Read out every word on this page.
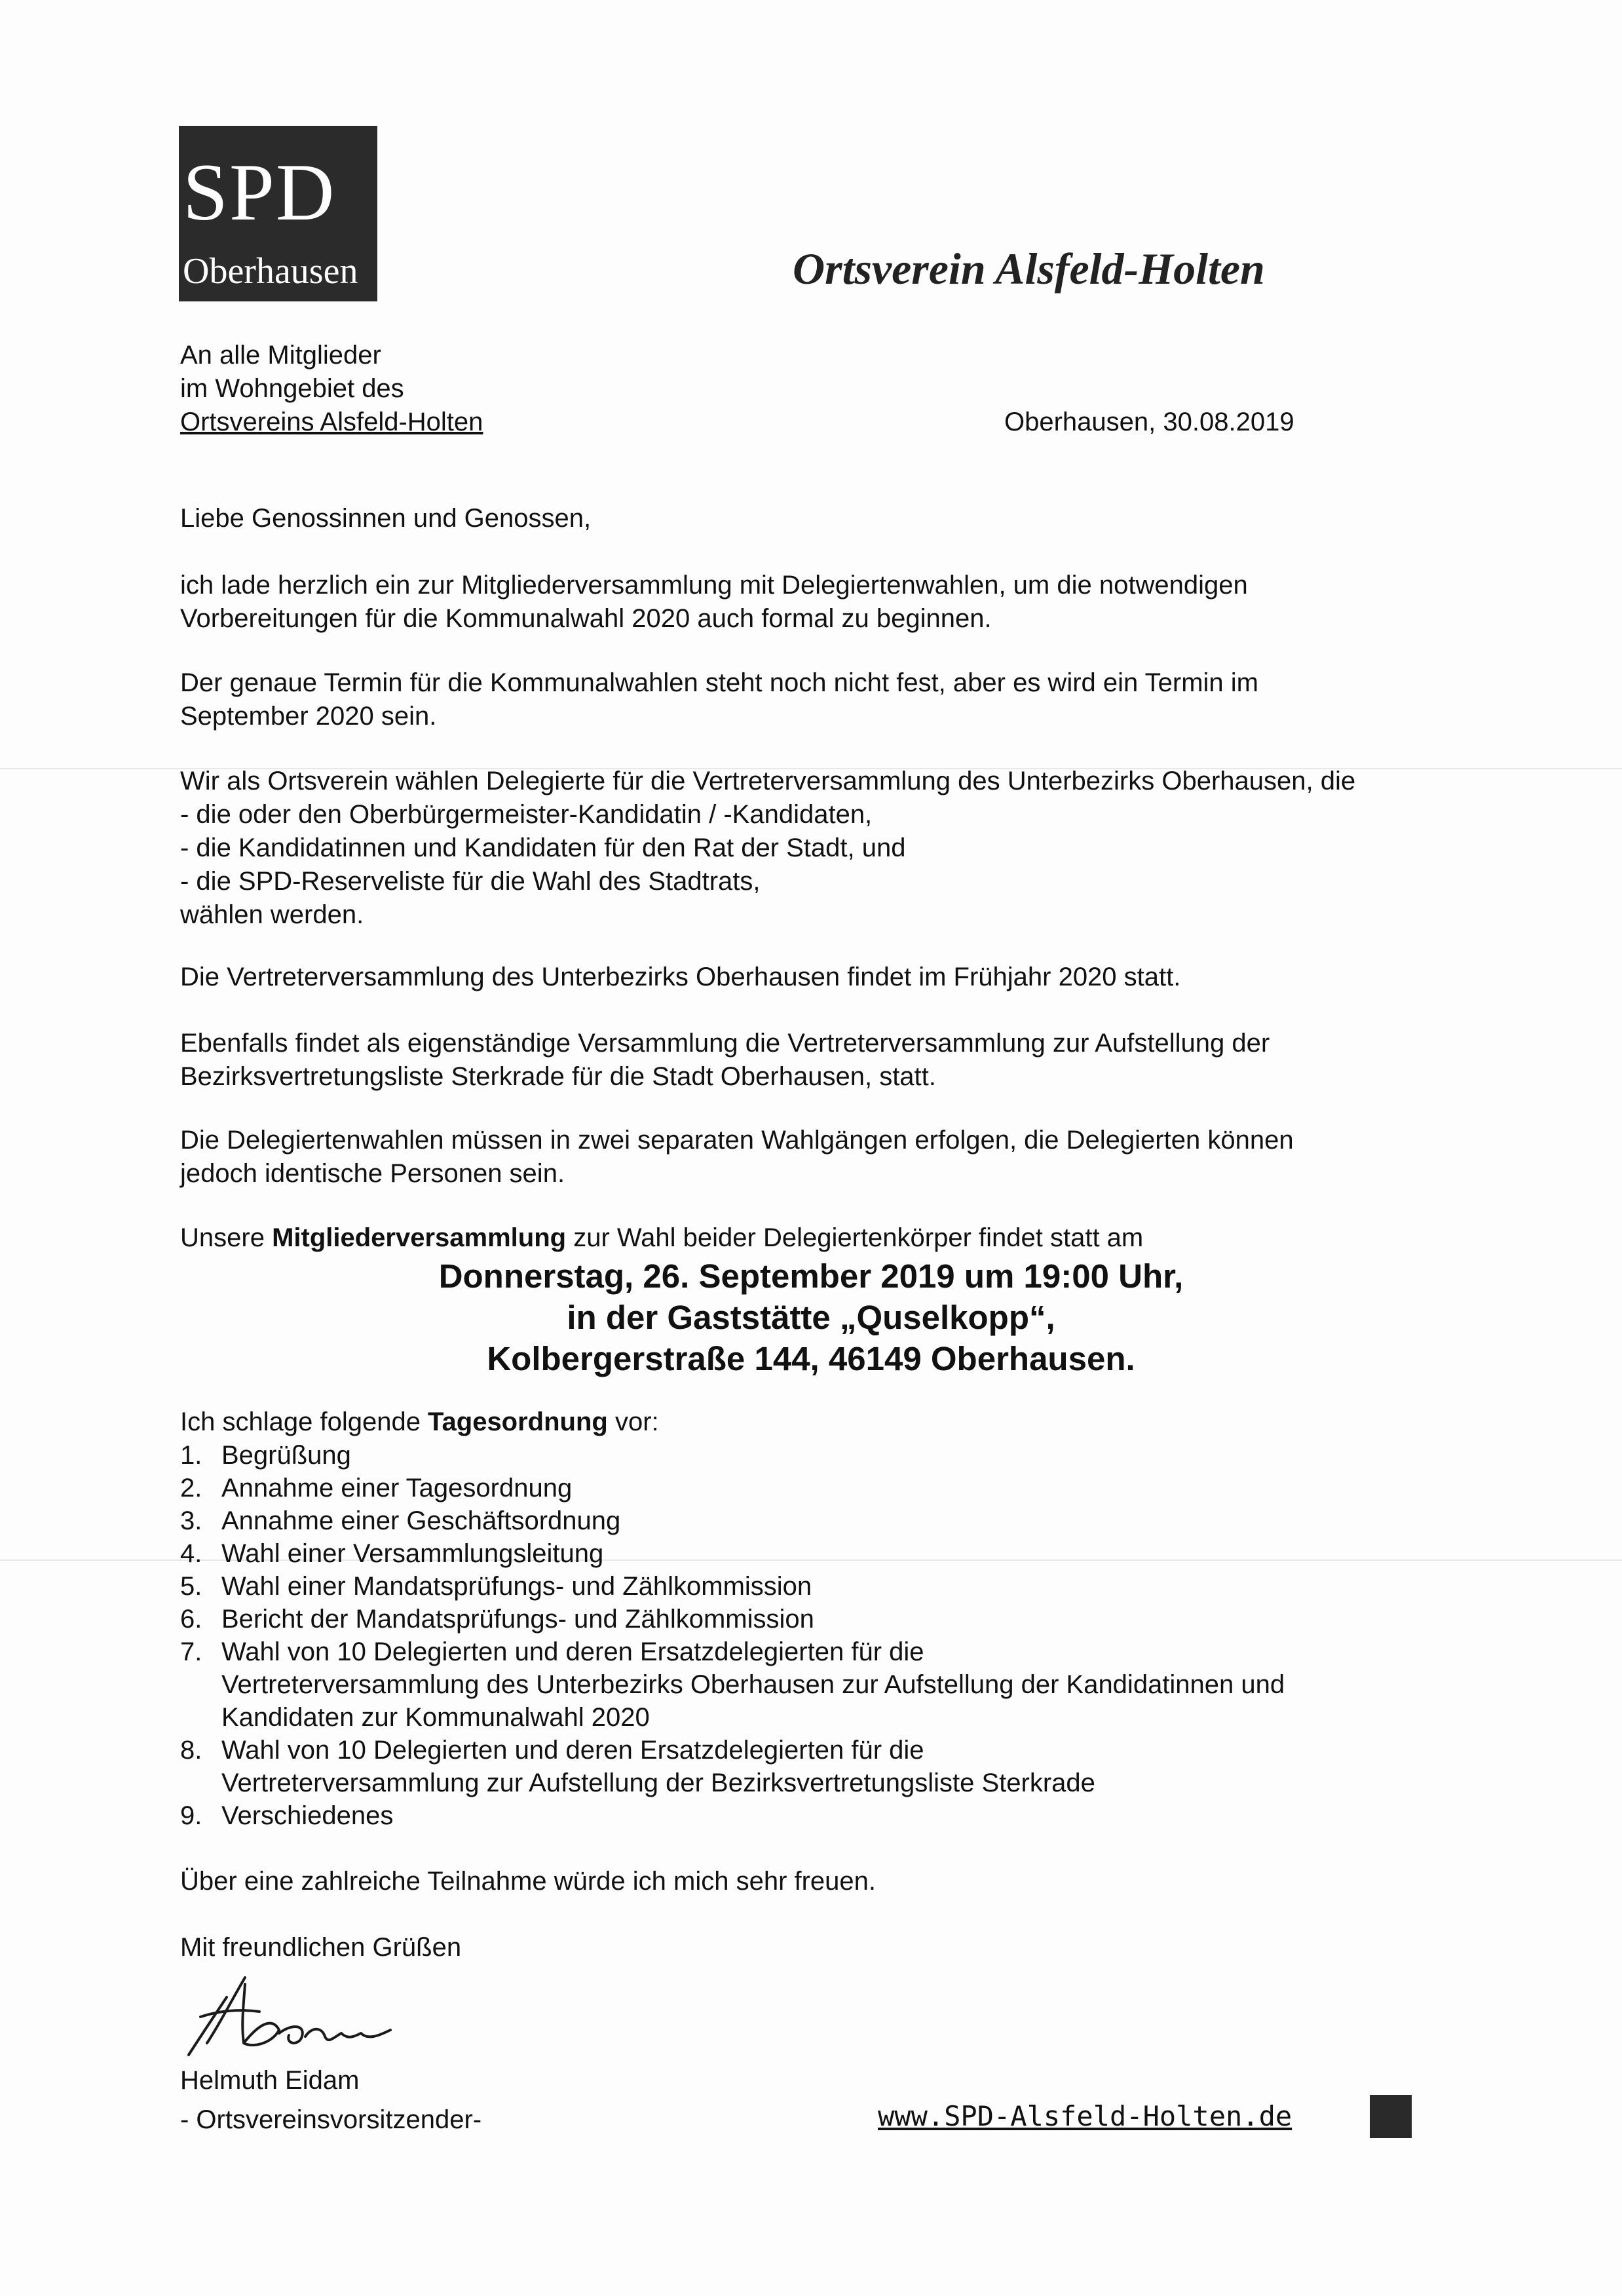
SPD
Oberhausen	Ortsverein Alsfeld-Holten
An alle Mitglieder
im Wohngebiet des
Ortsvereins Alsfeld-Holten	Oberhausen, 30.08.2019
Liebe Genossinnen und Genossen,
ich lade herzlich ein zur Mitgliederversammlung mit Delegiertenwahlen, um die notwendigen
Vorbereitungen für die Kommunalwahl 2020 auch formal zu beginnen.
Der genaue Termin für die Kommunalwahlen steht noch nicht fest, aber es wird ein Termin im
September 2020 sein.
Wir als Ortsverein wählen Delegierte für die Vertreterversammlung des Unterbezirks Oberhausen, die
- die oder den Oberbürgermeister-Kandidatin / -Kandidaten,
- die Kandidatinnen und Kandidaten für den Rat der Stadt, und
- die SPD-Reserveliste für die Wahl des Stadtrats,
wählen werden.
Die Vertreterversammlung des Unterbezirks Oberhausen findet im Frühjahr 2020 statt.
Ebenfalls findet als eigenständige Versammlung die Vertreterversammlung zur Aufstellung der
Bezirksvertretungsliste Sterkrade für die Stadt Oberhausen, statt.
Die Delegiertenwahlen müssen in zwei separaten Wahlgängen erfolgen, die Delegierten können
jedoch identische Personen sein.
Unsere Mitgliederversammlung zur Wahl beider Delegiertenkörper findet statt am
Donnerstag, 26. September 2019 um 19:00 Uhr,
in der Gaststätte „Quselkopp“,
Kolbergerstraße 144, 46149 Oberhausen.
Ich schlage folgende Tagesordnung vor:
1. Begrüßung
2. Annahme einer Tagesordnung
3. Annahme einer Geschäftsordnung
4. Wahl einer Versammlungsleitung
5. Wahl einer Mandatsprüfungs- und Zählkommission
6. Bericht der Mandatsprüfungs- und Zählkommission
7. Wahl von 10 Delegierten und deren Ersatzdelegierten für die
Vertreterversammlung des Unterbezirks Oberhausen zur Aufstellung der Kandidatinnen und
Kandidaten zur Kommunalwahl 2020
8. Wahl von 10 Delegierten und deren Ersatzdelegierten für die
Vertreterversammlung zur Aufstellung der Bezirksvertretungsliste Sterkrade
9. Verschiedenes
Über eine zahlreiche Teilnahme würde ich mich sehr freuen.
Mit freundlichen Grüßen
Helmuth Eidam
- Ortsvereinsvorsitzender-	www.SPD-Alsfeld-Holten.de
